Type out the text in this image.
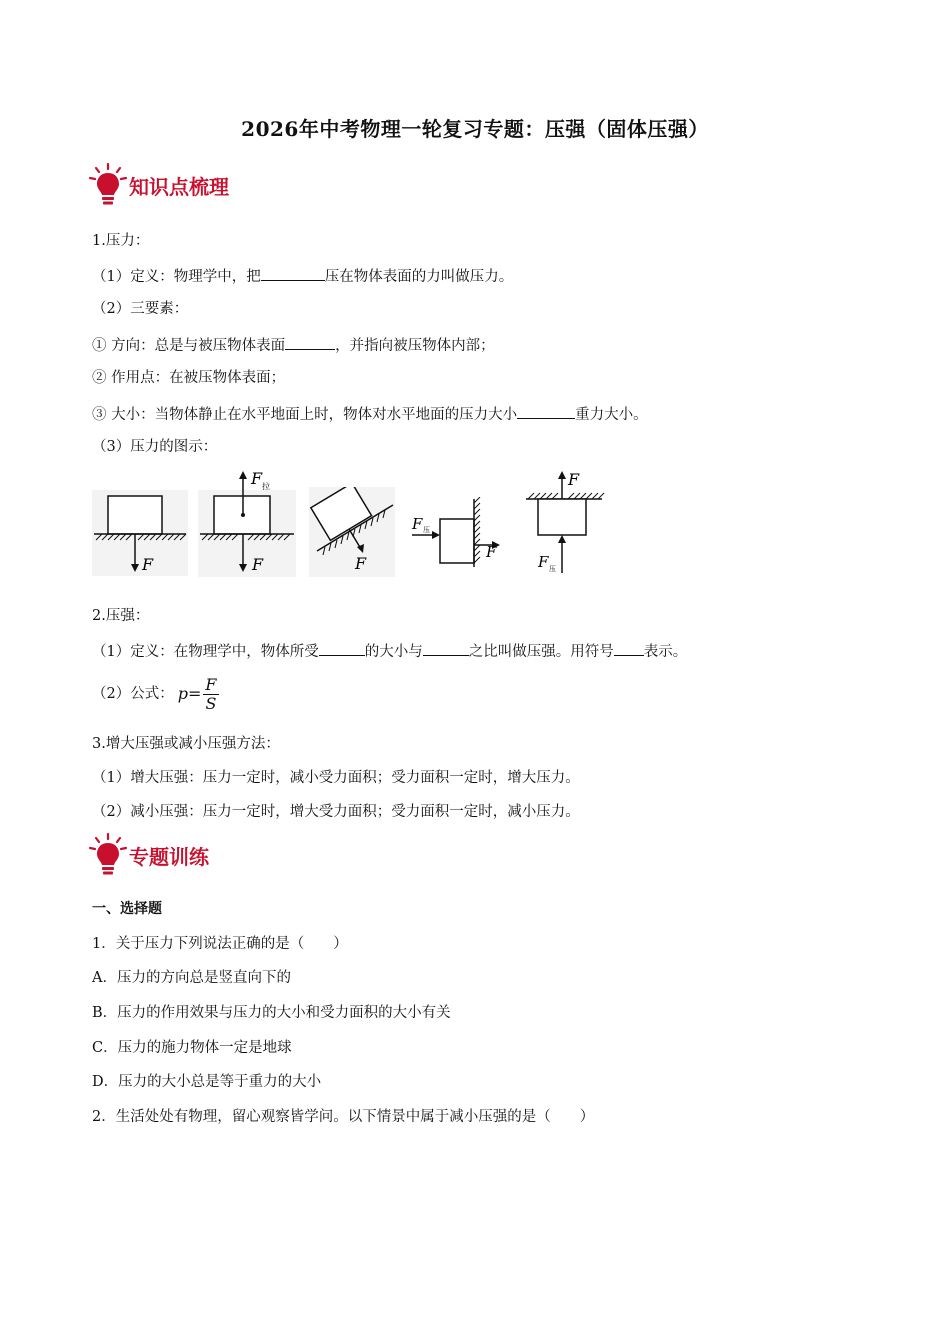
2026年中考物理一轮复习专题：压强（固体压强）
知识点梳理
1.压力：
（1）定义：物理学中，把	压在物体表面的力叫做压力。
（2）三要素：
① 方向：总是与被压物体表面	，并指向被压物体内部；
② 作用点：在被压物体表面；
③ 大小：当物体静止在水平地面上时，物体对水平地面的压力大小	重力大小。
（3）压力的图示：
F
F 拉
F	F
F 压
F
F
F 压
2.压强：
（1）定义：在物理学中，物体所受	的大小与	之比叫做压强。用符号 表示。
（2）公式： $p= \frac{F}{S}$
3.增大压强或减小压强方法：
（1）增大压强：压力一定时，减小受力面积；受力面积一定时，增大压力。
（2）减小压强：压力一定时，增大受力面积；受力面积一定时，减小压力。
专题训练
一、选择题
1．关于压力下列说法正确的是（　　）
A．压力的方向总是竖直向下的
B．压力的作用效果与压力的大小和受力面积的大小有关
C．压力的施力物体一定是地球
D．压力的大小总是等于重力的大小
2．生活处处有物理，留心观察皆学问。以下情景中属于减小压强的是（　　）
